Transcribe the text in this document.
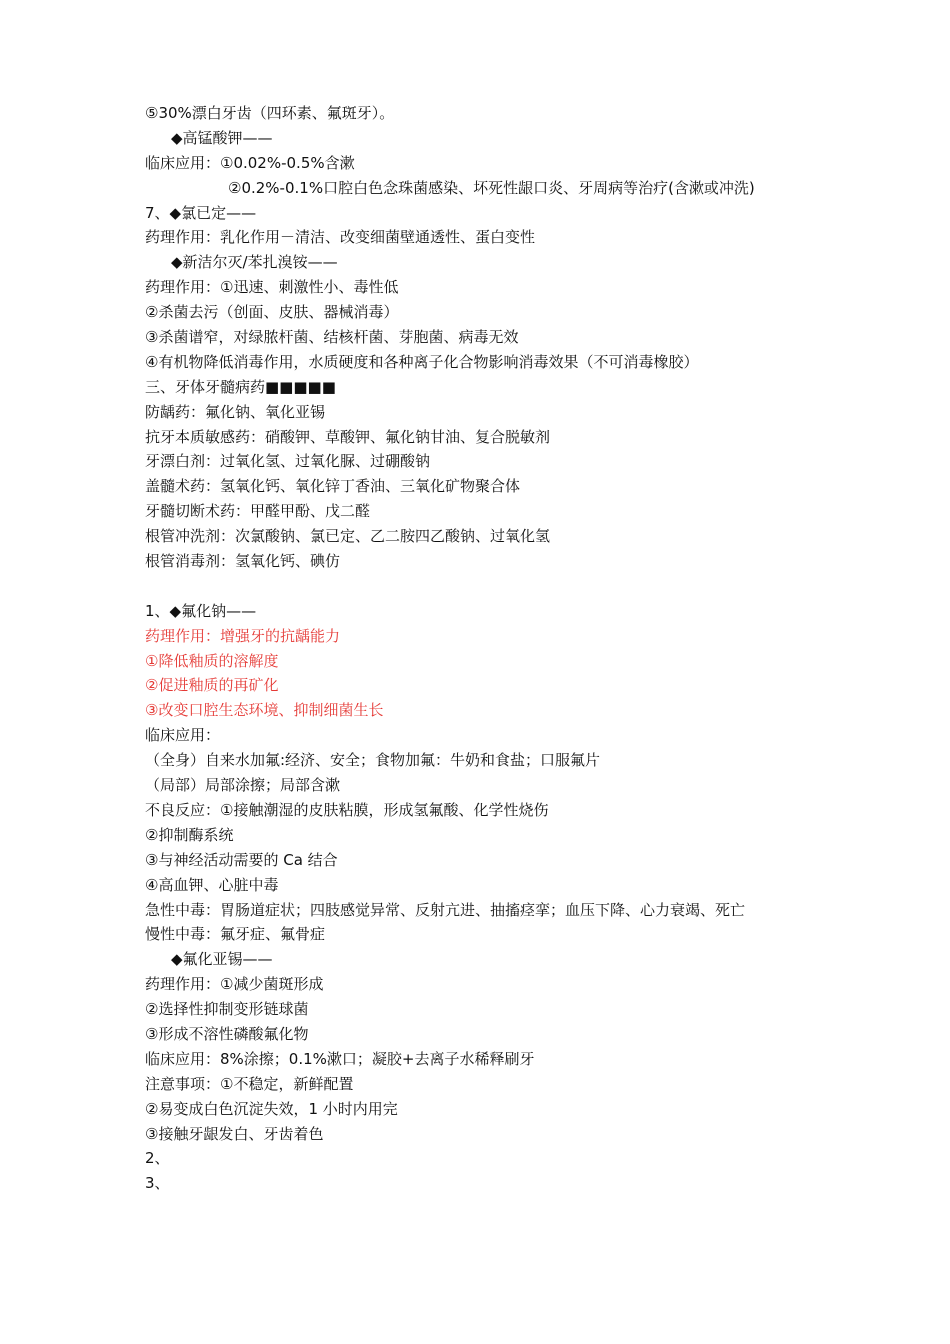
⑤30%漂白牙齿（四环素、氟斑牙）。
◆高锰酸钾——
临床应用：①0.02%-0.5%含漱
②0.2%-0.1%口腔白色念珠菌感染、坏死性龈口炎、牙周病等治疗(含漱或冲洗)
7、◆氯已定——
药理作用：乳化作用－清洁、改变细菌壁通透性、蛋白变性
◆新洁尔灭/苯扎溴铵——
药理作用：①迅速、刺激性小、毒性低
②杀菌去污（创面、皮肤、器械消毒）
③杀菌谱窄，对绿脓杆菌、结核杆菌、芽胞菌、病毒无效
④有机物降低消毒作用，水质硬度和各种离子化合物影响消毒效果（不可消毒橡胶）
三、牙体牙髓病药■■■■■
防龋药：氟化钠、氧化亚锡
抗牙本质敏感药：硝酸钾、草酸钾、氟化钠甘油、复合脱敏剂
牙漂白剂：过氧化氢、过氧化脲、过硼酸钠
盖髓术药：氢氧化钙、氧化锌丁香油、三氧化矿物聚合体
牙髓切断术药：甲醛甲酚、戊二醛
根管冲洗剂：次氯酸钠、氯已定、乙二胺四乙酸钠、过氧化氢
根管消毒剂：氢氧化钙、碘仿
1、◆氟化钠——
药理作用：增强牙的抗龋能力
①降低釉质的溶解度
②促进釉质的再矿化
③改变口腔生态环境、抑制细菌生长
临床应用：
（全身）自来水加氟:经济、安全；食物加氟：牛奶和食盐；口服氟片
（局部）局部涂擦；局部含漱
不良反应：①接触潮湿的皮肤粘膜，形成氢氟酸、化学性烧伤
②抑制酶系统
③与神经活动需要的 Ca 结合
④高血钾、心脏中毒
急性中毒：胃肠道症状；四肢感觉异常、反射亢进、抽搐痉挛；血压下降、心力衰竭、死亡
慢性中毒：氟牙症、氟骨症
◆氟化亚锡——
药理作用：①减少菌斑形成
②选择性抑制变形链球菌
③形成不溶性磷酸氟化物
临床应用：8%涂擦；0.1%漱口；凝胶+去离子水稀释刷牙
注意事项：①不稳定，新鲜配置
②易变成白色沉淀失效，1 小时内用完
③接触牙龈发白、牙齿着色
2、
3、
